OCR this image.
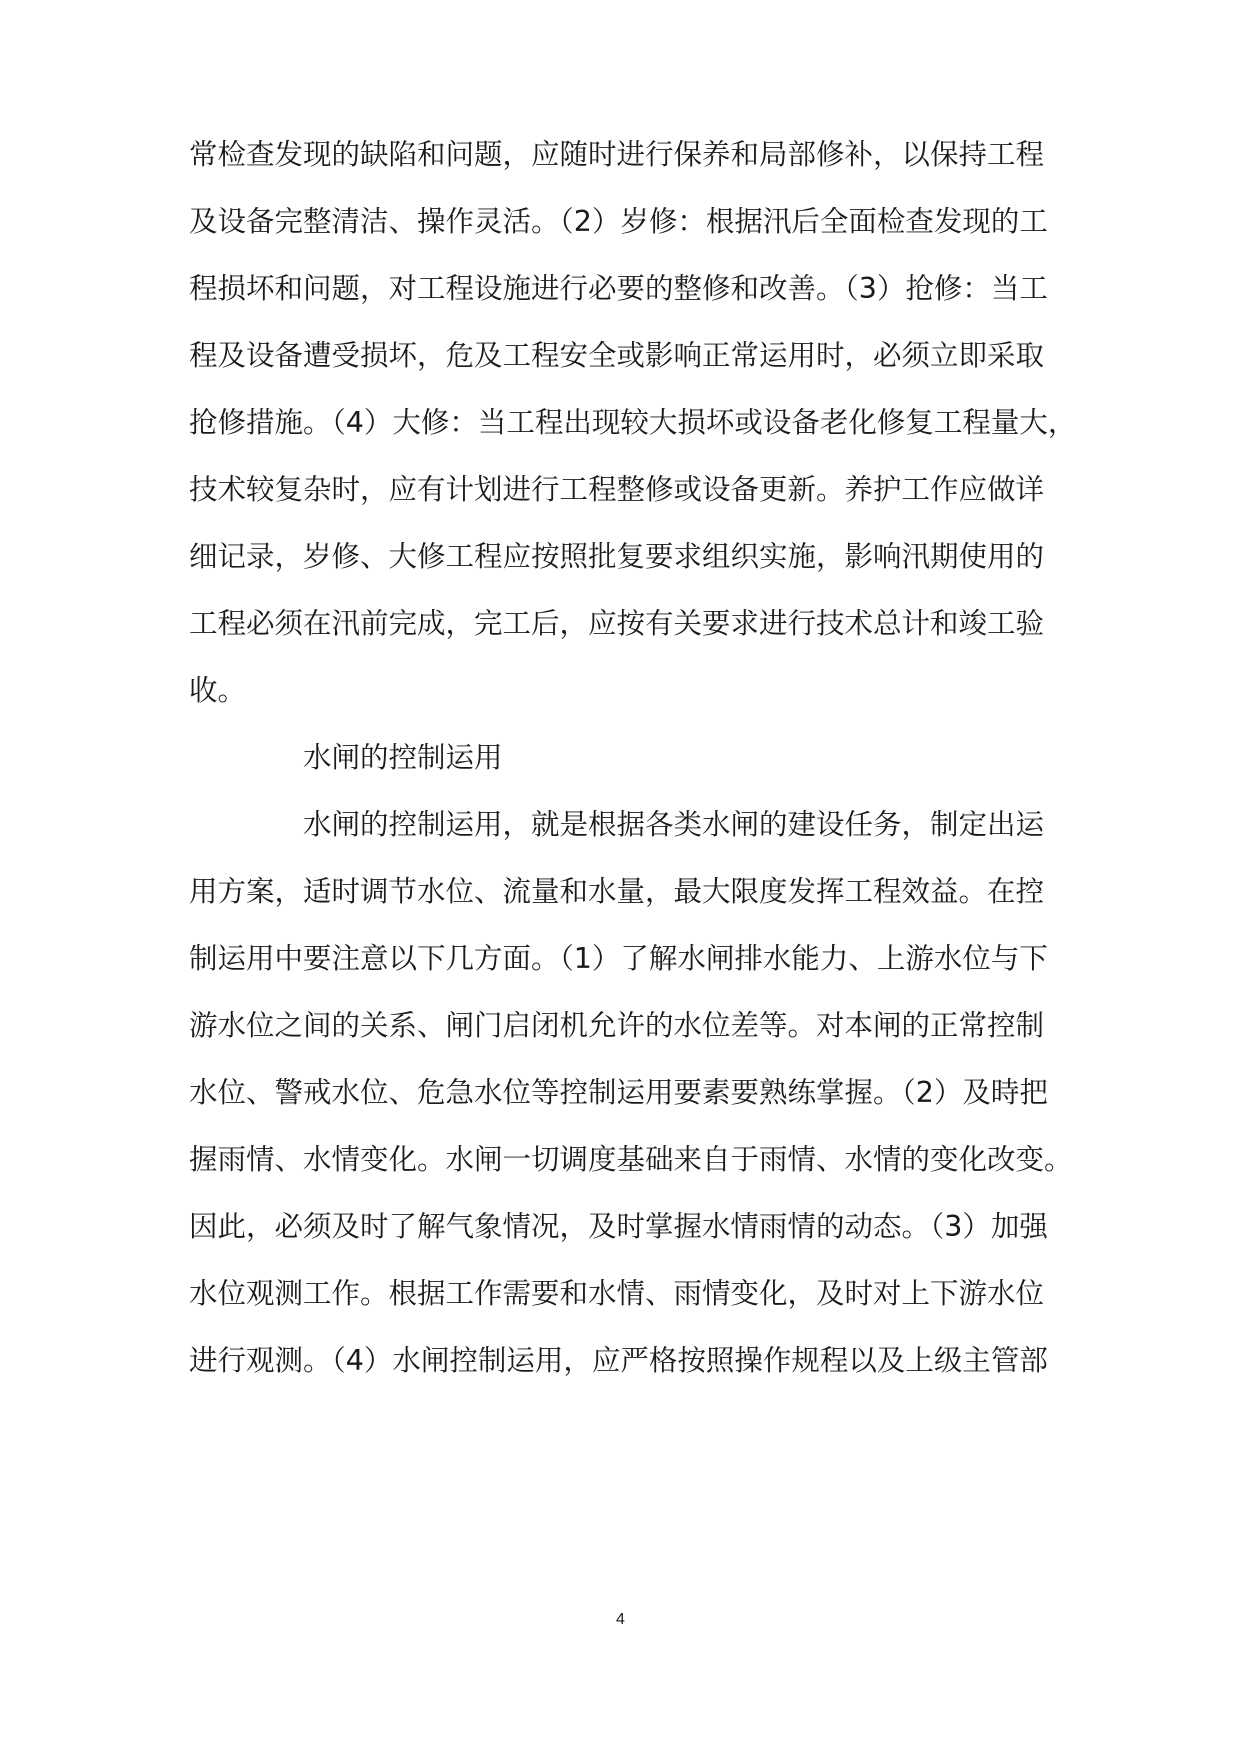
常检查发现的缺陷和问题，应随时进行保养和局部修补，以保持工程
及设备完整清洁、操作灵活。（2）岁修：根据汛后全面检查发现的工
程损坏和问题，对工程设施进行必要的整修和改善。（3）抢修：当工
程及设备遭受损坏，危及工程安全或影响正常运用时，必须立即采取
抢修措施。（4）大修：当工程出现较大损坏或设备老化修复工程量大，
技术较复杂时，应有计划进行工程整修或设备更新。养护工作应做详
细记录，岁修、大修工程应按照批复要求组织实施，影响汛期使用的
工程必须在汛前完成，完工后，应按有关要求进行技术总计和竣工验
收。
水闸的控制运用
水闸的控制运用，就是根据各类水闸的建设任务，制定出运
用方案，适时调节水位、流量和水量，最大限度发挥工程效益。在控
制运用中要注意以下几方面。（1）了解水闸排水能力、上游水位与下
游水位之间的关系、闸门启闭机允许的水位差等。对本闸的正常控制
水位、警戒水位、危急水位等控制运用要素要熟练掌握。（2）及時把
握雨情、水情变化。水闸一切调度基础来自于雨情、水情的变化改变。
因此，必须及时了解气象情况，及时掌握水情雨情的动态。（3）加强
水位观测工作。根据工作需要和水情、雨情变化，及时对上下游水位
进行观测。（4）水闸控制运用，应严格按照操作规程以及上级主管部
4
